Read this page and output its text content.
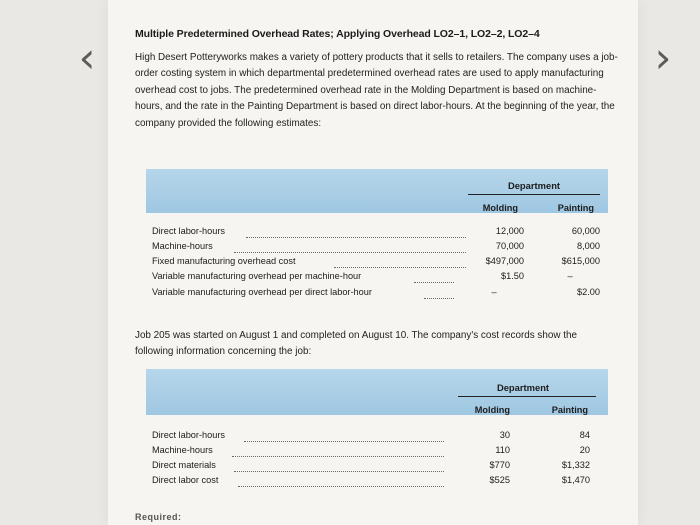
‹	›
Multiple Predetermined Overhead Rates; Applying Overhead LO2–1, LO2–2, LO2–4
High Desert Potteryworks makes a variety of pottery products that it sells to retailers. The company uses a job-order costing system in which departmental predetermined overhead rates are used to apply manufacturing overhead cost to jobs. The predetermined overhead rate in the Molding Department is based on machine-hours, and the rate in the Painting Department is based on direct labor-hours. At the beginning of the year, the company provided the following estimates:
Department
Molding	Painting
Direct labor-hours	12,000	60,000
Machine-hours	70,000	8,000
Fixed manufacturing overhead cost	$497,000	$615,000
Variable manufacturing overhead per machine-hour	$1.50	–
Variable manufacturing overhead per direct labor-hour	–	$2.00
Job 205 was started on August 1 and completed on August 10. The company's cost records show the following information concerning the job:
Department
Molding	Painting
Direct labor-hours	30	84
Machine-hours	110	20
Direct materials	$770	$1,332
Direct labor cost	$525	$1,470
Required:
